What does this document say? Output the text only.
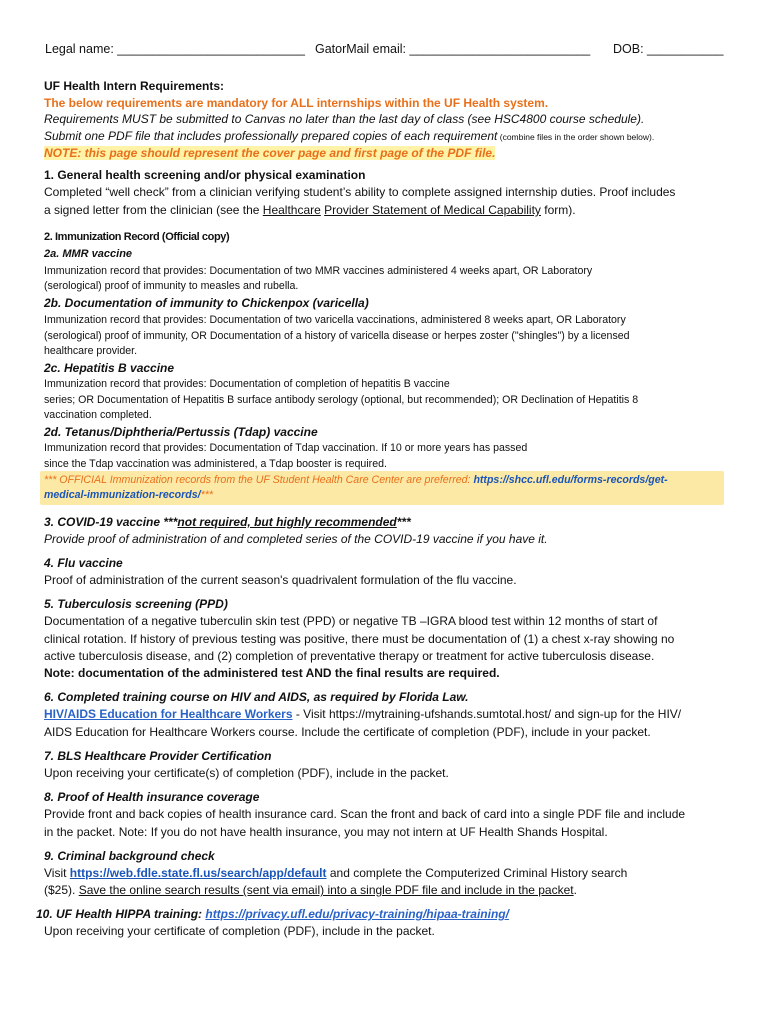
Legal name: ___________________________ GatorMail email: __________________________ DOB: ___________
UF Health Intern Requirements:
The below requirements are mandatory for ALL internships within the UF Health system.
Requirements MUST be submitted to Canvas no later than the last day of class (see HSC4800 course schedule).
Submit one PDF file that includes professionally prepared copies of each requirement (combine files in the order shown below).
NOTE: this page should represent the cover page and first page of the PDF file.
1. General health screening and/or physical examination
Completed “well check” from a clinician verifying student’s ability to complete assigned internship duties. Proof includes
a signed letter from the clinician (see the Healthcare Provider Statement of Medical Capability form).
2. Immunization Record (Official copy)
2a. MMR vaccine
Immunization record that provides: Documentation of two MMR vaccines administered 4 weeks apart, OR Laboratory
(serological) proof of immunity to measles and rubella.
2b. Documentation of immunity to Chickenpox (varicella)
Immunization record that provides: Documentation of two varicella vaccinations, administered 8 weeks apart, OR Laboratory
(serological) proof of immunity, OR Documentation of a history of varicella disease or herpes zoster ("shingles") by a licensed
healthcare provider.
2c. Hepatitis B vaccine
Immunization record that provides: Documentation of completion of hepatitis B vaccine
series; OR Documentation of Hepatitis B surface antibody serology (optional, but recommended); OR Declination of Hepatitis 8
vaccination completed.
2d. Tetanus/Diphtheria/Pertussis (Tdap) vaccine
Immunization record that provides: Documentation of Tdap vaccination. If 10 or more years has passed
since the Tdap vaccination was administered, a Tdap booster is required.
*** OFFICIAL Immunization records from the UF Student Health Care Center are preferred: https://shcc.ufl.edu/forms-records/get-
medical-immunization-records/***
3. COVID-19 vaccine ***not required, but highly recommended***
Provide proof of administration of and completed series of the COVID-19 vaccine if you have it.
4. Flu vaccine
Proof of administration of the current season's quadrivalent formulation of the flu vaccine.
5. Tuberculosis screening (PPD)
Documentation of a negative tuberculin skin test (PPD) or negative TB –IGRA blood test within 12 months of start of
clinical rotation. If history of previous testing was positive, there must be documentation of (1) a chest x-ray showing no
active tuberculosis disease, and (2) completion of preventative therapy or treatment for active tuberculosis disease.
Note: documentation of the administered test AND the final results are required.
6. Completed training course on HIV and AIDS, as required by Florida Law.
HIV/AIDS Education for Healthcare Workers - Visit https://mytraining-ufshands.sumtotal.host/ and sign-up for the HIV/
AIDS Education for Healthcare Workers course. Include the certificate of completion (PDF), include in your packet.
7. BLS Healthcare Provider Certification
Upon receiving your certificate(s) of completion (PDF), include in the packet.
8. Proof of Health insurance coverage
Provide front and back copies of health insurance card. Scan the front and back of card into a single PDF file and include
in the packet. Note: If you do not have health insurance, you may not intern at UF Health Shands Hospital.
9. Criminal background check
Visit https://web.fdle.state.fl.us/search/app/default and complete the Computerized Criminal History search
($25). Save the online search results (sent via email) into a single PDF file and include in the packet.
10. UF Health HIPPA training: https://privacy.ufl.edu/privacy-training/hipaa-training/
Upon receiving your certificate of completion (PDF), include in the packet.
